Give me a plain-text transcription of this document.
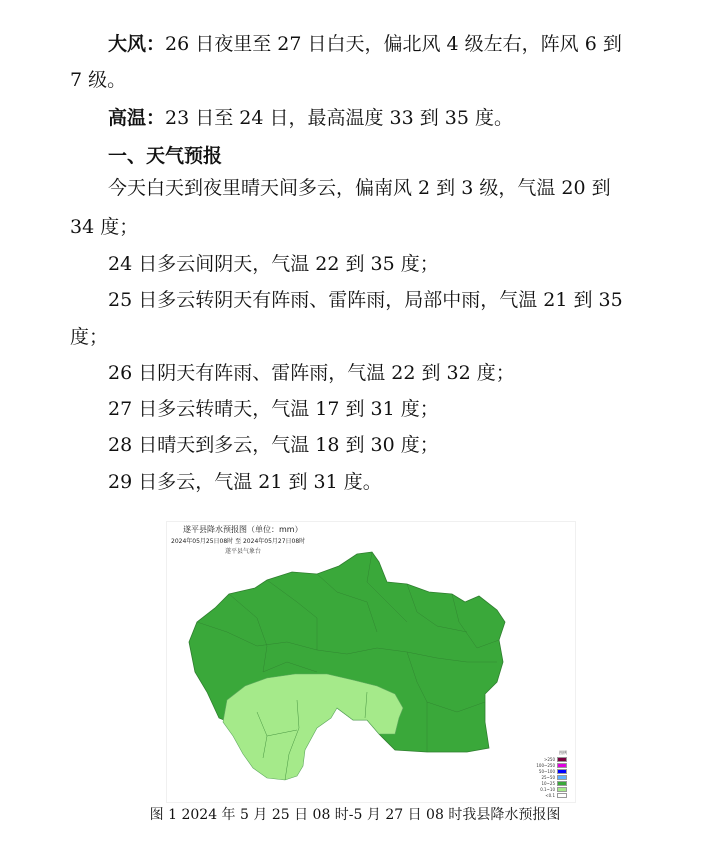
大风：26 日夜里至 27 日白天，偏北风 4 级左右，阵风 6 到

7 级。

高温：23 日至 24 日，最高温度 33 到 35 度。

一、天气预报

今天白天到夜里晴天间多云，偏南风 2 到 3 级，气温 20 到

34 度；

24 日多云间阴天，气温 22 到 35 度；

25 日多云转阴天有阵雨、雷阵雨，局部中雨，气温 21 到 35

度；

26 日阴天有阵雨、雷阵雨，气温 22 到 32 度；

27 日多云转晴天，气温 17 到 31 度；

28 日晴天到多云，气温 18 到 30 度；

29 日多云，气温 21 到 31 度。

遂平县降水预报图（单位：mm）
2024年05月25日08时 至 2024年05月27日08时
遂平县气象台
图例
>250
100~250
50~100
25~50
10~25
0.1~10
<0.1
图 1 2024 年 5 月 25 日 08 时-5 月 27 日 08 时我县降水预报图
